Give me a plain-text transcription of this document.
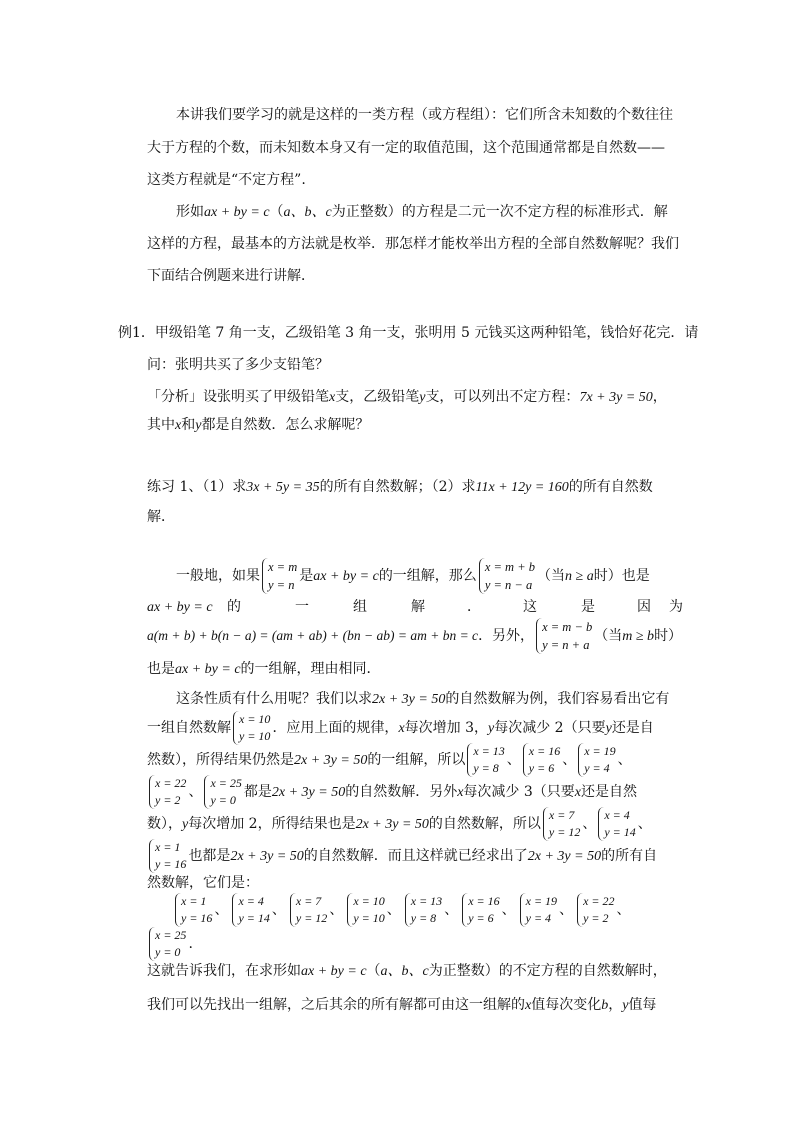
本讲我们要学习的就是这样的一类方程（或方程组）：它们所含未知数的个数往往
大于方程的个数，而未知数本身又有一定的取值范围，这个范围通常都是自然数——
这类方程就是“不定方程”.
形如ax + by = c（a、b、c为正整数）的方程是二元一次不定方程的标准形式．解
这样的方程，最基本的方法就是枚举．那怎样才能枚举出方程的全部自然数解呢？我们
下面结合例题来进行讲解．
例1．甲级铅笔 7 角一支，乙级铅笔 3 角一支，张明用 5 元钱买这两种铅笔，钱恰好花完．请
问：张明共买了多少支铅笔？
「分析」设张明买了甲级铅笔x支，乙级铅笔y支，可以列出不定方程：7x + 3y = 50，
其中x和y都是自然数．怎么求解呢？
练习 1、（1）求3x + 5y = 35的所有自然数解；（2）求11x + 12y = 160的所有自然数
解．
一般地，如果
x = m
y = n
是ax + by = c的一组解，那么
x = m + b
y = n − a
（当n ≥ a时）也是
ax + by = c 的	一	组	解	．	这	是	因 为
a(m + b) + b(n − a) = (am + ab) + (bn − ab) = am + bn = c．另外，
x = m − b
y = n + a
（当m ≥ b时）
也是ax + by = c的一组解，理由相同．
这条性质有什么用呢？我们以求2x + 3y = 50的自然数解为例，我们容易看出它有
一组自然数解
x = 10
y = 10 ．应用上面的规律，x每次增加 3，y每次减少 2（只要y还是自
然数），所得结果仍然是2x + 3y = 50的一组解，所以
x = 13
y = 8 、
x = 16
y = 6 、
x = 19
y = 4 、
x = 22
y = 2 、
x = 25
y = 0 都是2x + 3y = 50的自然数解．另外x每次减少 3（只要x还是自然
数），y每次增加 2，所得结果也是2x + 3y = 50的自然数解，所以
x = 7
y = 12 、
x = 4
y = 14 、
x = 1
y = 16 也都是2x + 3y = 50的自然数解．而且这样就已经求出了2x + 3y = 50的所有自
然数解，它们是：
x = 1
y = 16 、
x = 4
y = 14 、
x = 7
y = 12 、
x = 10
y = 10 、
x = 13
y = 8 、
x = 16
y = 6 、
x = 19
y = 4 、
x = 22
y = 2 、
x = 25
y = 0 .
这就告诉我们，在求形如ax + by = c（a、b、c为正整数）的不定方程的自然数解时，
我们可以先找出一组解，之后其余的所有解都可由这一组解的x值每次变化b，y值每
